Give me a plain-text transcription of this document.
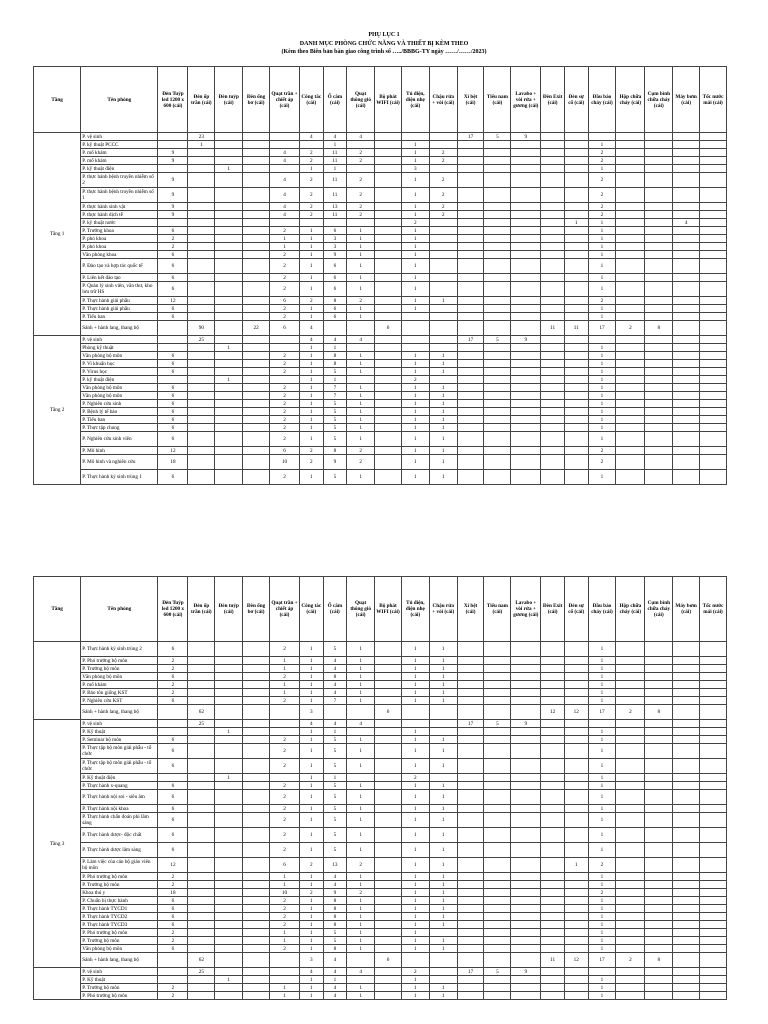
PHỤ LỤC 1
DANH MỤC PHÒNG CHỨC NĂNG VÀ THIẾT BỊ KÈM THEO
(Kèm theo Biên bản bàn giao công trình số …../BBBG-TY ngày ……/……/2023)
Tầng	Tên phòng	Đèn Tuýp led 1200 x 600 (cái)	Đèn ốp trần (cái)	Đèn tuýp (cái)	Đèn ống bơ (cái)	Quạt trần + chiết áp (cái)	Công tắc (cái)	Ổ cắm (cái)	Quạt thông gió (cái)	Bộ phát WIFI (cái)	Tủ điện, điện nhẹ (cái)	Chậu rửa + vòi (cái)	Xí bệt (cái)	Tiểu nam (cái)	Lavabo + vòi rửa + gương (cái)	Đèn Exit (cái)	Đèn sự cố (cái)	Đầu báo cháy (cái)	Hộp chữa cháy (cái)	Cụm bình chữa cháy (cái)	Máy bơm (cái)	Tốc nước mái (cái)
Tầng 1	P. vệ sinh		23				4	4	4				17	5	9							
	P. kỹ thuật PCCC		1					1			1							1				
	P. mổ khám	9				4	2	11	2		1	2						2				
	P. mổ khám	9				4	2	11	2		1	2						2				
	P. kỹ thuật điện			1			1	1			3							1				
	P. thực hành bệnh truyền nhiễm số 2	9				4	2	11	2		1	2						2				
	P. thực hành bệnh truyền nhiễm số 1	9				4	2	11	2		1	2						2				
	P. thực hành sinh vật	9				4	2	13	2		1	2						2				
	P. thực hành dịch tễ	9				4	2	11	2		1	2						2				
	P. kỹ thuật nước										2						1	1			4	
	P. Trưởng khoa	6				2	1	6	1		1							1				
	P. phó khoa	2				1	1	3	1		1							1				
	P. phó khoa	2				1	1	3	1		1							1				
	Văn phòng khoa	6				2	1	9	1		1							1				
	P. Đào tạo và hợp tác quốc tế	6				2	1	6	1		1							1				
	P. Liên kết đào tạo	6				2	1	6	1		1							1				
	P. Quản lý sinh viên, văn thư, kho lưu trữ HS	6				2	1	6	1		1							1				
	P. Thực hành giải phẫu	12				6	2	8	2		1	1						2				
	P. Thực hành giải phẫu	6				2	1	6	1		1							1				
	P. Tiểu ban	6				2	1	6	1									1				
	Sảnh + hành lang, thang bộ		90		22	6	4			6						11	11	17	2	8		
Tầng 2	P. vệ sinh		25				4	4	4				17	5	9							
	Phòng kỹ thuật			1			1	1										1				
	Văn phòng bộ môn	6				2	1	8	1		1	1						1				
	P. Vi khuẩn học	6				2	1	8	1		1	1						1				
	P. Virus học	6				2	1	5	1		1	1						1				
	P. kỹ thuật điện			1			1	1			2							1				
	Văn phòng bộ môn	6				2	1	7	1		1	1						1				
	Văn phòng bộ môn	6				2	1	7	1		1	1						1				
	P. Nghiên cứu sinh	6				2	1	5	1		1	1						1				
	P. Bệnh lý tế bào	6				2	1	5	1		1	1						1				
	P. Tiểu ban	6				2	1	5	1		1	1						1				
	P. Thực tập chung	6				2	1	5	1		1	1						1				
	P. Nghiên cứu sinh viên	6				2	1	5	1		1	1						1				
	P. Mô hình	12				6	2	8	2		1	1						2				
	P. Mô hình và nghiên cứu	18				10	2	9	2		1	1						2				
	P. Thực hành ký sinh trùng 1	6				2	1	5	1		1	1						1				
Tầng	Tên phòng	Đèn Tuýp led 1200 x 600 (cái)	Đèn ốp trần (cái)	Đèn tuýp (cái)	Đèn ống bơ (cái)	Quạt trần + chiết áp (cái)	Công tắc (cái)	Ổ cắm (cái)	Quạt thông gió (cái)	Bộ phát WIFI (cái)	Tủ điện, điện nhẹ (cái)	Chậu rửa + vòi (cái)	Xí bệt (cái)	Tiểu nam (cái)	Lavabo + vòi rửa + gương (cái)	Đèn Exit (cái)	Đèn sự cố (cái)	Đầu báo cháy (cái)	Hộp chữa cháy (cái)	Cụm bình chữa cháy (cái)	Máy bơm (cái)	Tốc nước mái (cái)
	P. Thực hành ký sinh trùng 2	6				2	1	5	1		1	1						1				
	P. Phó trưởng bộ môn	2				1	1	4	1		1	1						1				
	P. Trưởng bộ môn	2				1	1	4	1		1	1						1				
	Văn phòng bộ môn	6				2	1	8	1		1	1						1				
	P. mổ khám	2				1	1	4	1		1	1						1				
	P. Bảo tôn giống KST	2				1	1	4	1		1	1						1				
	P. Nghiên cứu KST	6				2	1	7	1		1	1						1				
	Sảnh + hành lang, thang bộ		62				3			6						12	12	17	2	8		
Tầng 3	P. vệ sinh		25				4	4	4				17	5	9							
	P. Kỹ thuật			1			1	1			1							1				
	P. Seminar bộ môn	6				2	1	5	1		1	1						1				
	P. Thực tập bộ môn giải phẫu - tổ chức	6				2	1	5	1		1	1						1				
	P. Thực tập bộ môn giải phẫu - tổ chức	6				2	1	5	1		1	1						1				
	P. Kỹ thuật điện			1			1	1			2							1				
	P. Thực hành x-quang	6				2	1	5	1		1	1						1				
	P. Thực hành nội soi - siêu âm	6				2	1	5	1		1	1						1				
	P. Thực hành nội khoa	6				2	1	5	1		1	1						1				
	P. Thực hành chẩn đoán phi lâm sàng	6				2	1	5	1		1	1						1				
	P. Thực hành dược- độc chất	6				2	1	5	1		1	1						1				
	P. Thực hành dược lâm sàng	6				2	1	5	1		1	1						1				
	P. Làm việc của cán bộ giáo viên bộ môn	12				6	2	13	2		1	1					1	2				
	P. Phó trưởng bộ môn	2				1	1	4	1		1	1						1				
	P. Trưởng bộ môn	2				1	1	4	1		1	1						1				
	Khoa thú y	18				10	2	9	2		1	1						2				
	P. Chuẩn bị thực hành	6				2	1	8	1		1	1						1				
	P. Thực hành TYCD1	6				2	1	8	1		1	1						1				
	P. Thực hành TYCD2	6				2	1	8	1		1	1						1				
	P. Thực hành TYCD3	6				2	1	8	1		1	1						1				
	P. Phó trưởng bộ môn	2				1	1	5	1		1							1				
	P. Trưởng bộ môn	2				1	1	5	1		1	1						1				
	Văn phòng bộ môn	6				2	1	8	1		1	1						1				
	Sảnh + hành lang, thang bộ		62				3	4		6						11	12	17	2	8		
	P. vệ sinh		25				4	4	4		2		17	5	9							
	P. Kỹ thuật			1			1	1			1							1				
	P. Trưởng bộ môn	2				1	1	4	1		1	1						1				
	P. Phó trưởng bộ môn	2				1	1	4	1		1	1						1				
